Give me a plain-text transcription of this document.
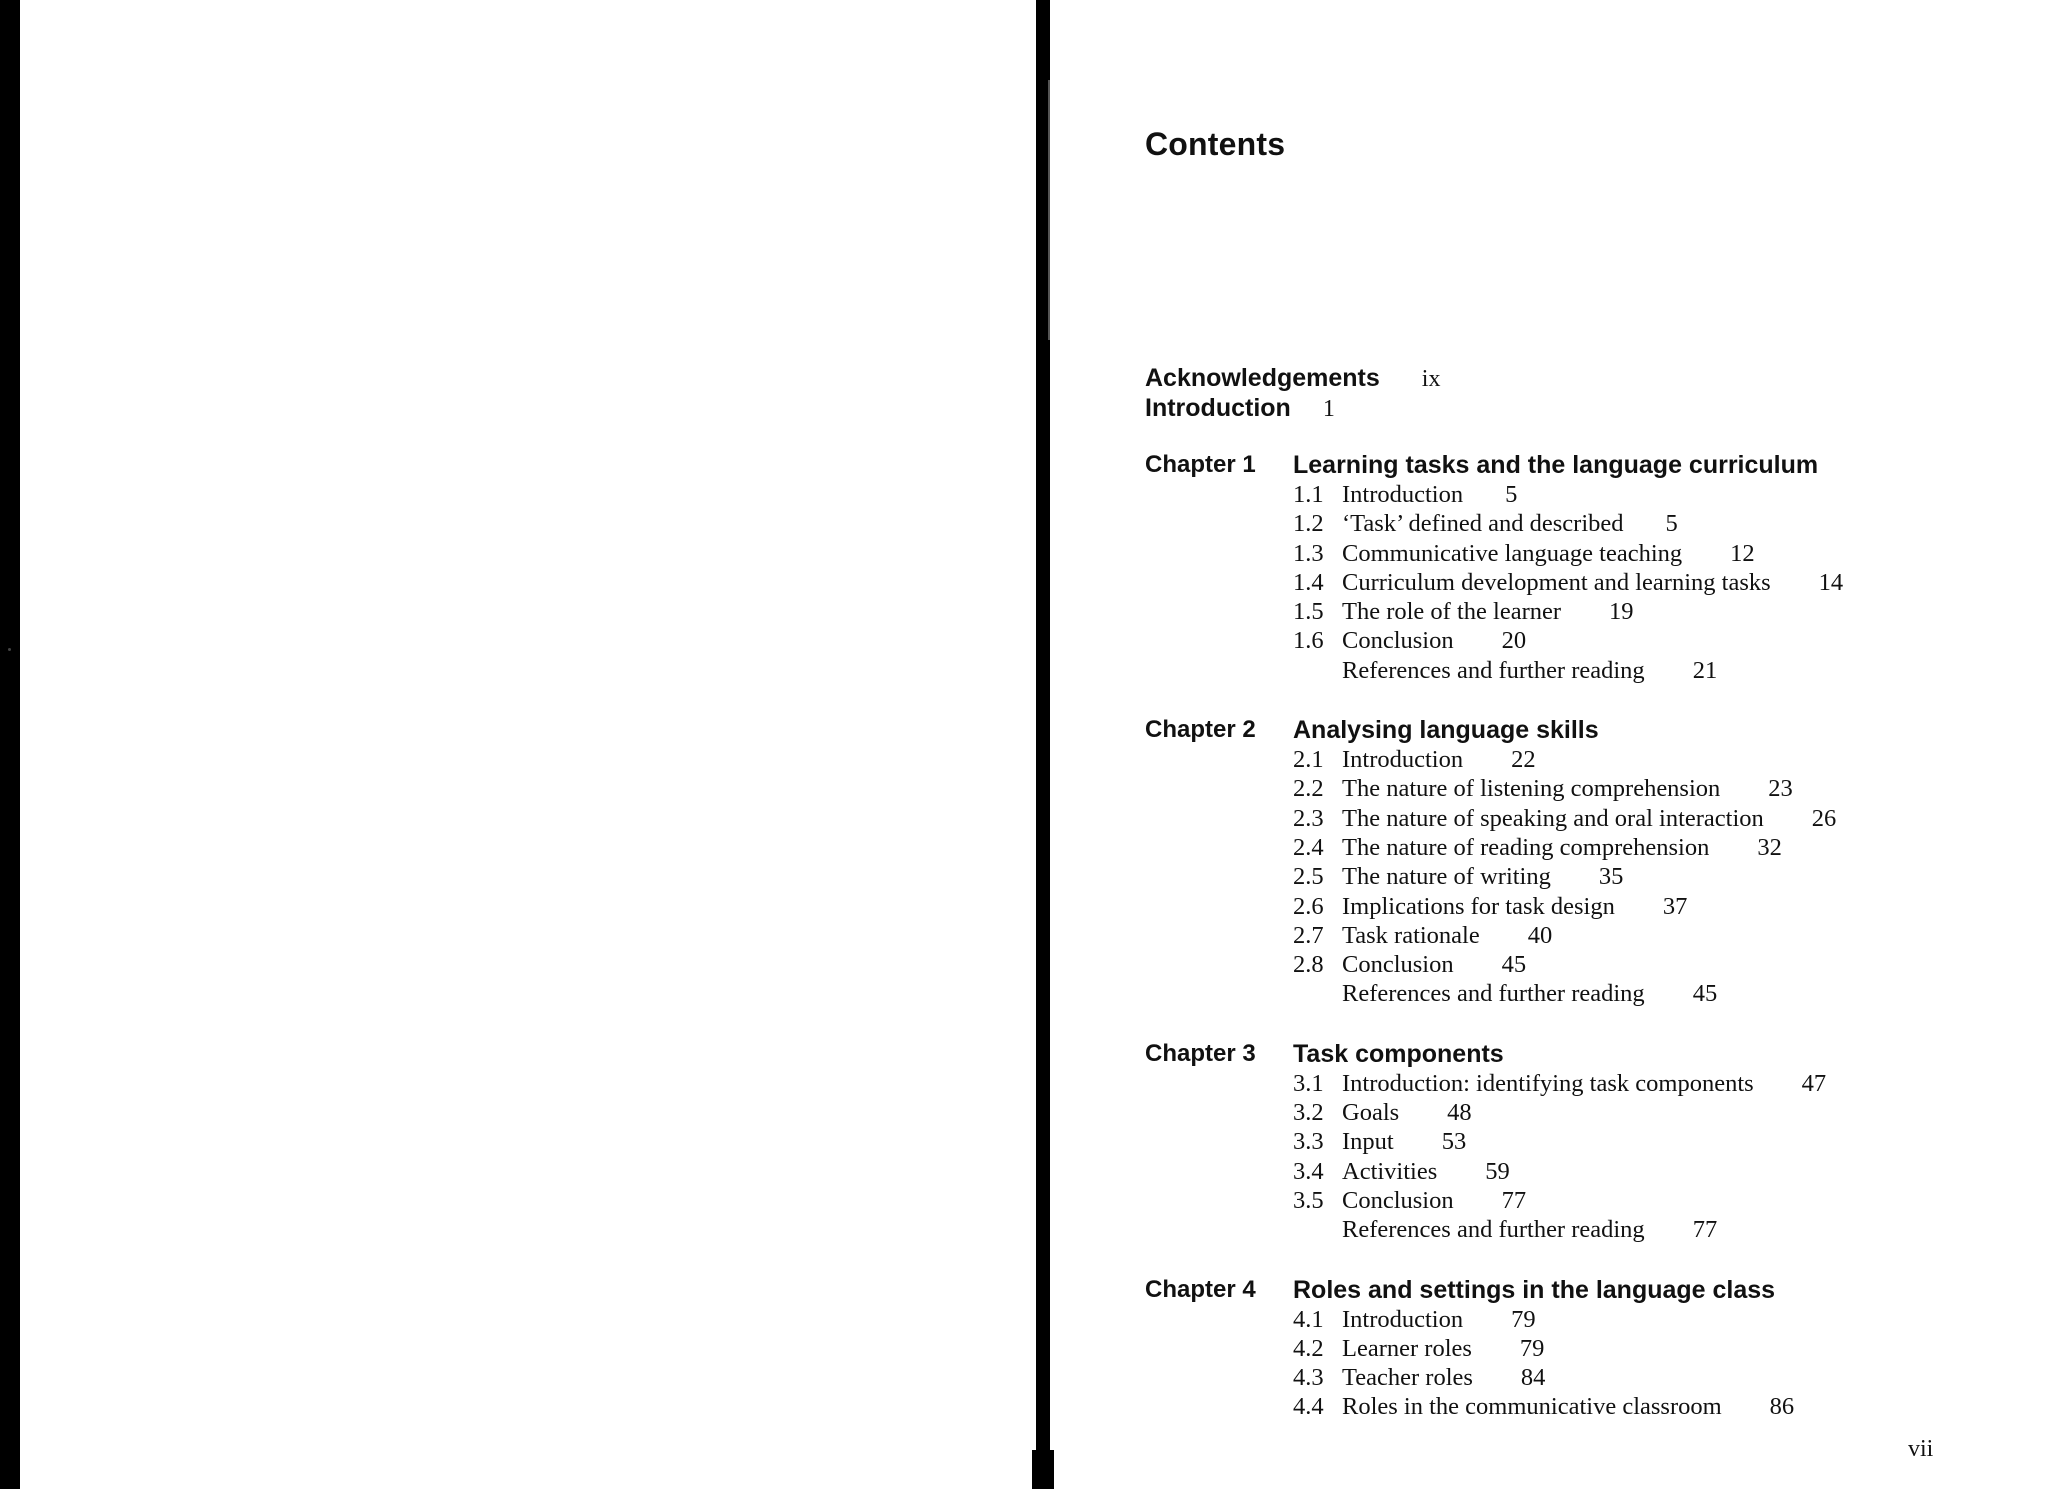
Contents
Acknowledgements ix
Introduction 1
Chapter 1 Learning tasks and the language curriculum
1.1 Introduction 5
1.2 ‘Task’ defined and described 5
1.3 Communicative language teaching 12
1.4 Curriculum development and learning tasks 14
1.5 The role of the learner 19
1.6 Conclusion 20
References and further reading 21
Chapter 2 Analysing language skills
2.1 Introduction 22
2.2 The nature of listening comprehension 23
2.3 The nature of speaking and oral interaction 26
2.4 The nature of reading comprehension 32
2.5 The nature of writing 35
2.6 Implications for task design 37
2.7 Task rationale 40
2.8 Conclusion 45
References and further reading 45
Chapter 3 Task components
3.1 Introduction: identifying task components 47
3.2 Goals 48
3.3 Input 53
3.4 Activities 59
3.5 Conclusion 77
References and further reading 77
Chapter 4 Roles and settings in the language class
4.1 Introduction 79
4.2 Learner roles 79
4.3 Teacher roles 84
4.4 Roles in the communicative classroom 86

vii
